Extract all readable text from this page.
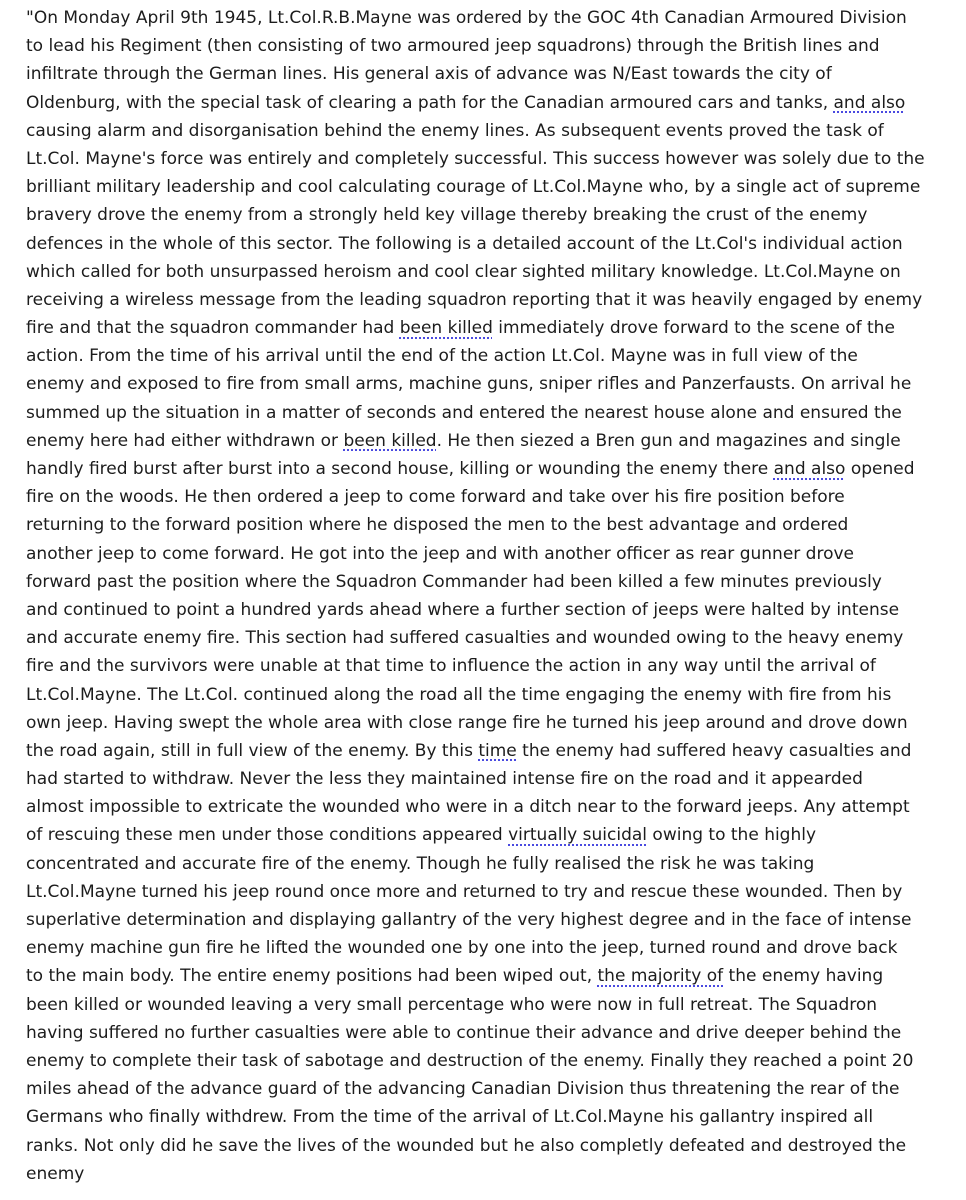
"On Monday April 9th 1945, Lt.Col.R.B.Mayne was ordered by the GOC 4th Canadian Armoured Division
to lead his Regiment (then consisting of two armoured jeep squadrons) through the British lines and
infiltrate through the German lines. His general axis of advance was N/East towards the city of
Oldenburg, with the special task of clearing a path for the Canadian armoured cars and tanks, and also
causing alarm and disorganisation behind the enemy lines. As subsequent events proved the task of
Lt.Col. Mayne's force was entirely and completely successful. This success however was solely due to the
brilliant military leadership and cool calculating courage of Lt.Col.Mayne who, by a single act of supreme
bravery drove the enemy from a strongly held key village thereby breaking the crust of the enemy
defences in the whole of this sector. The following is a detailed account of the Lt.Col's individual action
which called for both unsurpassed heroism and cool clear sighted military knowledge. Lt.Col.Mayne on
receiving a wireless message from the leading squadron reporting that it was heavily engaged by enemy
fire and that the squadron commander had been killed immediately drove forward to the scene of the
action. From the time of his arrival until the end of the action Lt.Col. Mayne was in full view of the
enemy and exposed to fire from small arms, machine guns, sniper rifles and Panzerfausts. On arrival he
summed up the situation in a matter of seconds and entered the nearest house alone and ensured the
enemy here had either withdrawn or been killed. He then siezed a Bren gun and magazines and single
handly fired burst after burst into a second house, killing or wounding the enemy there and also opened
fire on the woods. He then ordered a jeep to come forward and take over his fire position before
returning to the forward position where he disposed the men to the best advantage and ordered
another jeep to come forward. He got into the jeep and with another officer as rear gunner drove
forward past the position where the Squadron Commander had been killed a few minutes previously
and continued to point a hundred yards ahead where a further section of jeeps were halted by intense
and accurate enemy fire. This section had suffered casualties and wounded owing to the heavy enemy
fire and the survivors were unable at that time to influence the action in any way until the arrival of
Lt.Col.Mayne. The Lt.Col. continued along the road all the time engaging the enemy with fire from his
own jeep. Having swept the whole area with close range fire he turned his jeep around and drove down
the road again, still in full view of the enemy. By this time the enemy had suffered heavy casualties and
had started to withdraw. Never the less they maintained intense fire on the road and it appearded
almost impossible to extricate the wounded who were in a ditch near to the forward jeeps. Any attempt
of rescuing these men under those conditions appeared virtually suicidal owing to the highly
concentrated and accurate fire of the enemy. Though he fully realised the risk he was taking
Lt.Col.Mayne turned his jeep round once more and returned to try and rescue these wounded. Then by
superlative determination and displaying gallantry of the very highest degree and in the face of intense
enemy machine gun fire he lifted the wounded one by one into the jeep, turned round and drove back
to the main body. The entire enemy positions had been wiped out, the majority of the enemy having
been killed or wounded leaving a very small percentage who were now in full retreat. The Squadron
having suffered no further casualties were able to continue their advance and drive deeper behind the
enemy to complete their task of sabotage and destruction of the enemy. Finally they reached a point 20
miles ahead of the advance guard of the advancing Canadian Division thus threatening the rear of the
Germans who finally withdrew. From the time of the arrival of Lt.Col.Mayne his gallantry inspired all
ranks. Not only did he save the lives of the wounded but he also completly defeated and destroyed the
enemy
